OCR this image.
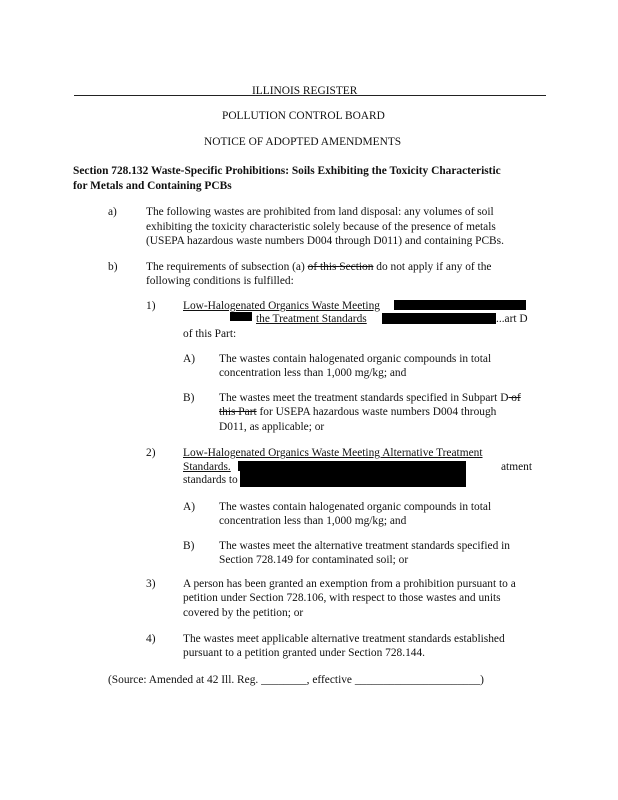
ILLINOIS REGISTER
POLLUTION CONTROL BOARD
NOTICE OF ADOPTED AMENDMENTS
Section 728.132 Waste-Specific Prohibitions: Soils Exhibiting the Toxicity Characteristic
for Metals and Containing PCBs
a)	The following wastes are prohibited from land disposal: any volumes of soil
exhibiting the toxicity characteristic solely because of the presence of metals
(USEPA hazardous waste numbers D004 through D011) and containing PCBs.
b)	The requirements of subsection (a) of this Section do not apply if any of the
following conditions is fulfilled:
1) Low-Halogenated Organics Waste Meeting
...art D
the Treatment Standards
of this Part:
A) The wastes contain halogenated organic compounds in total
concentration less than 1,000 mg/kg; and
B) The wastes meet the treatment standards specified in Subpart D of
this Part for USEPA hazardous waste numbers D004 through
D011, as applicable; or
2) Low-Halogenated Organics Waste Meeting Alternative Treatment
Standards.	atment
standards to
A) The wastes contain halogenated organic compounds in total
concentration less than 1,000 mg/kg; and
B) The wastes meet the alternative treatment standards specified in
Section 728.149 for contaminated soil; or
3) A person has been granted an exemption from a prohibition pursuant to a
petition under Section 728.106, with respect to those wastes and units
covered by the petition; or
4) The wastes meet applicable alternative treatment standards established
pursuant to a petition granted under Section 728.144.
(Source: Amended at 42 Ill. Reg. ________, effective ______________________)
